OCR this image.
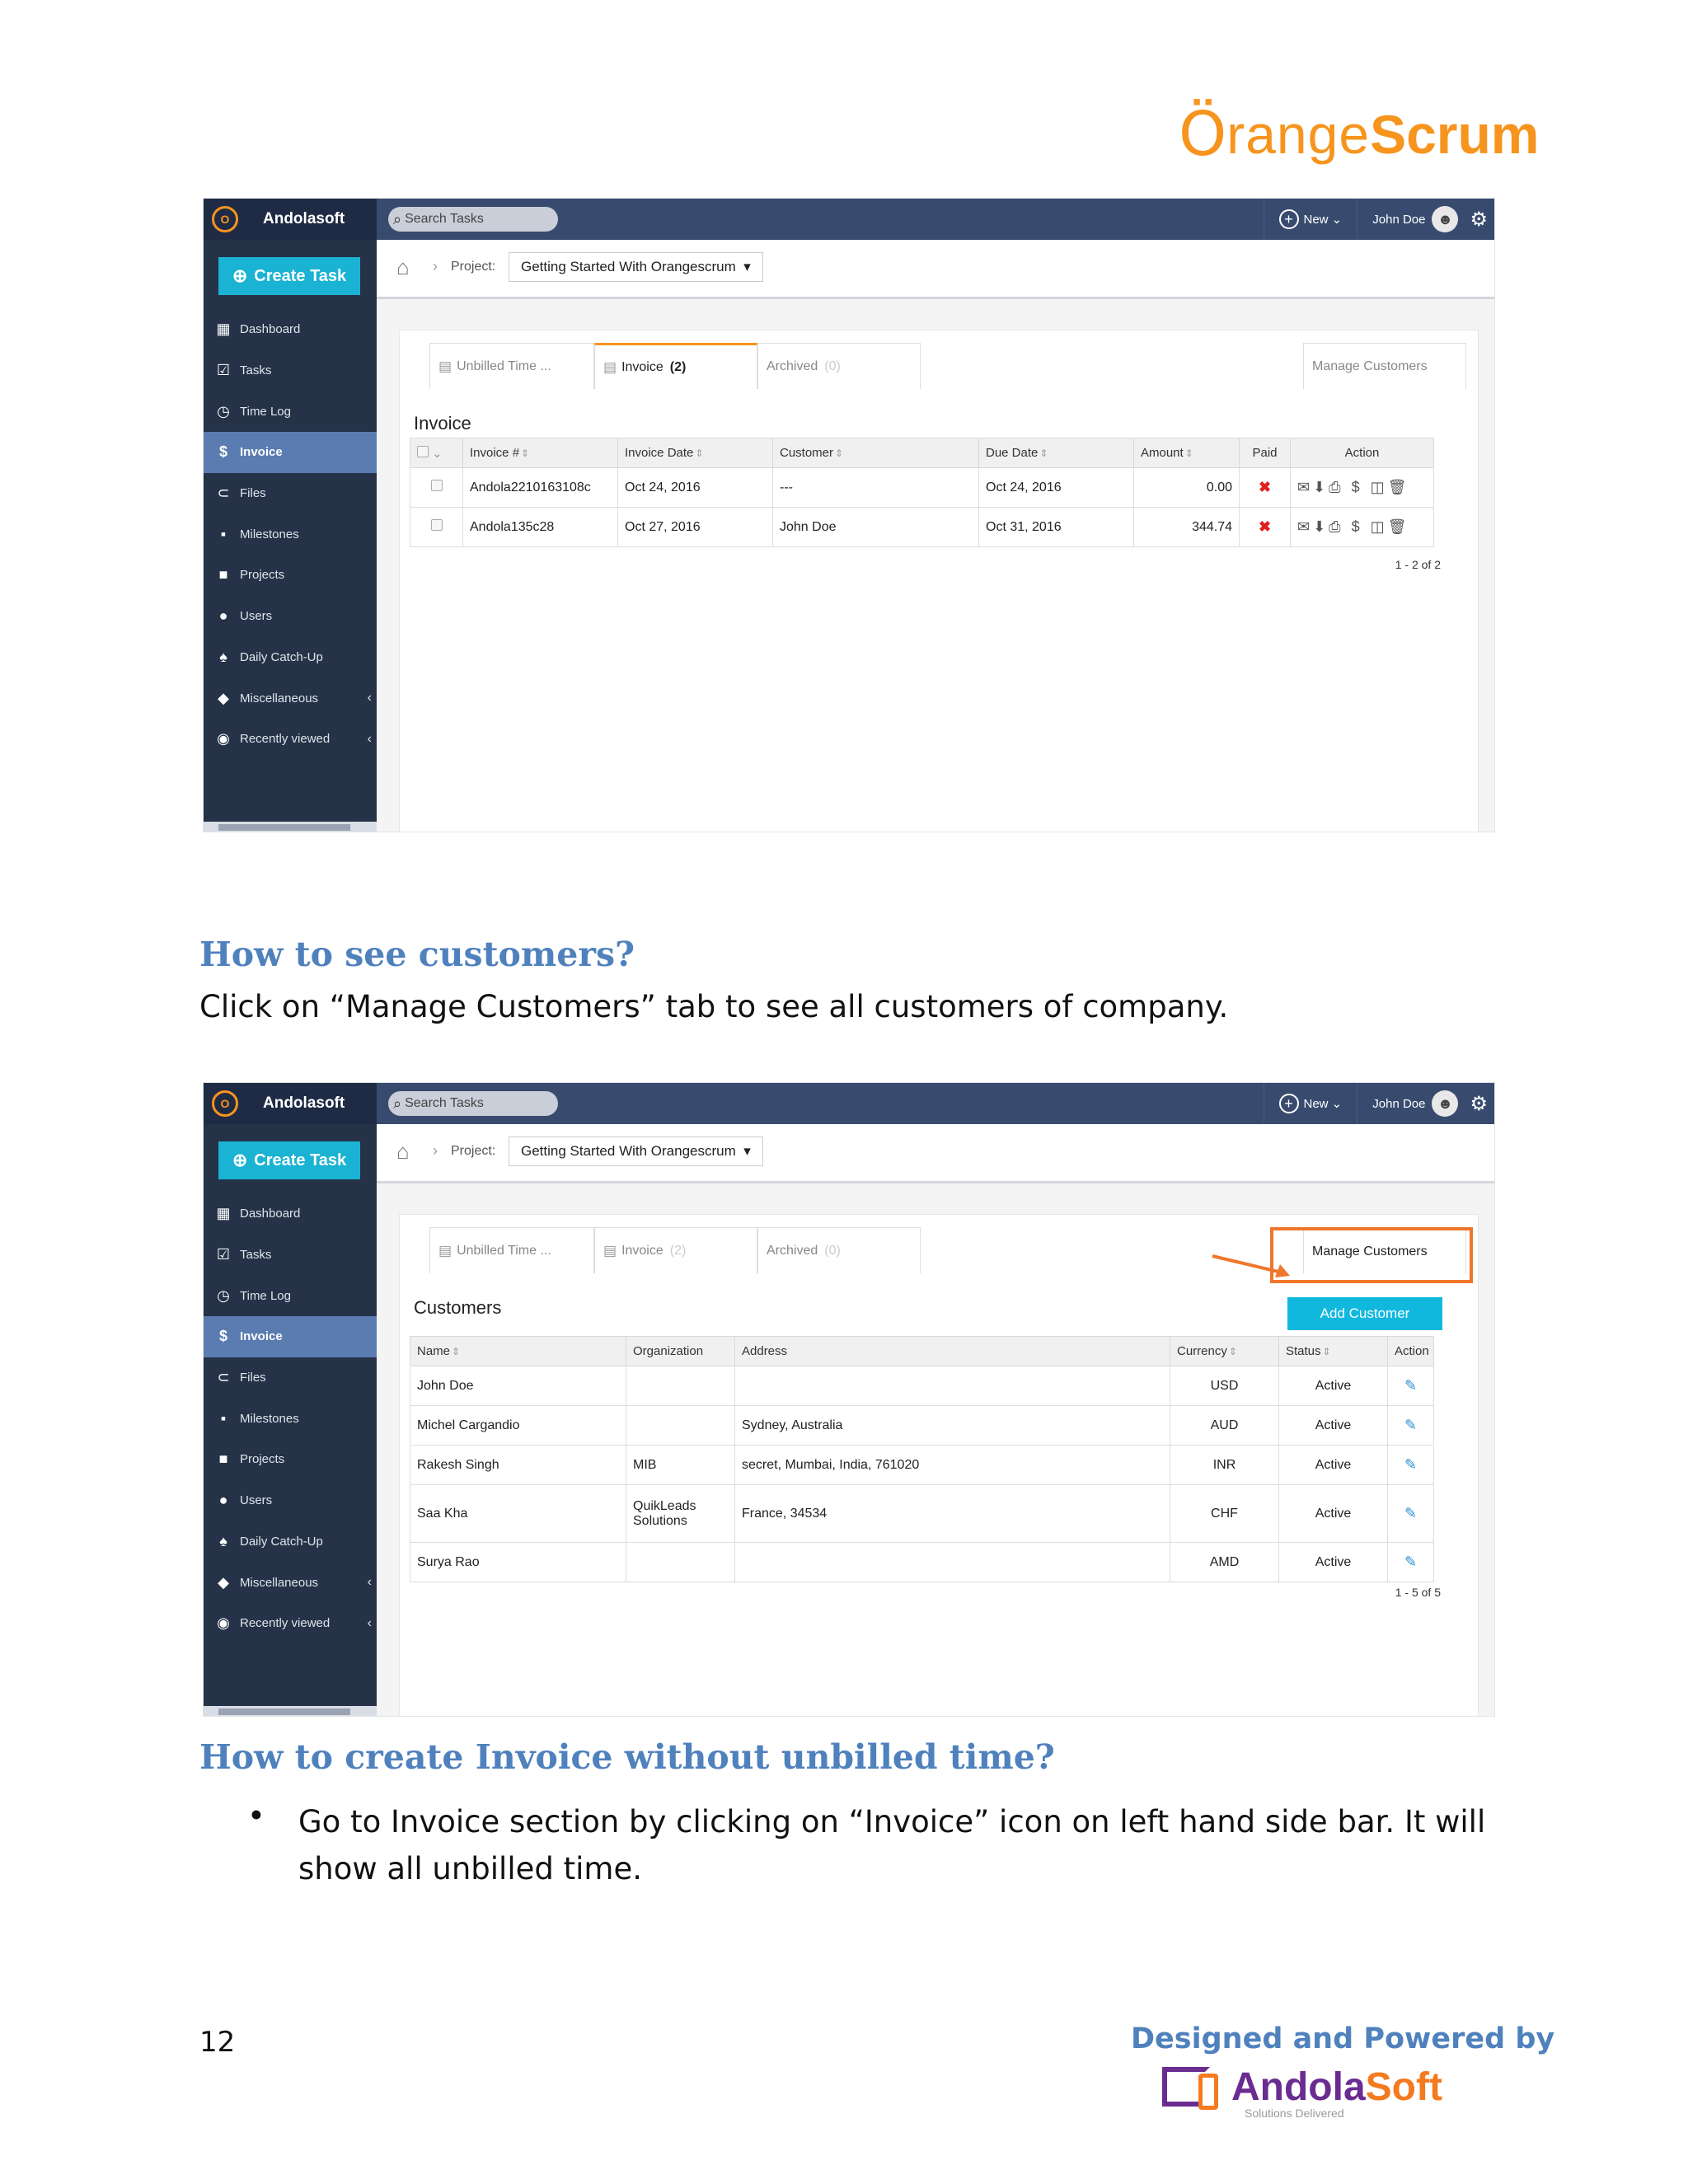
Ö range Scrum
O	Andolasoft	⌕ Search Tasks	+ New ⌄ John Doe ☻ ⚙
⊕ Create Task
▦ Dashboard
☑ Tasks
◷ Time Log
$	Invoice
⊂ Files
▪	Milestones
■ Projects
● Users
♠	Daily Catch-Up
◆ Miscellaneous	‹
◉ Recently viewed	‹
⌂ › Project: Getting Started With Orangescrum ▾
▤ Unbilled Time ...	▤ Invoice (2)	Archived (0)	Manage Customers
Invoice
⌄	Invoice # ⇕	Invoice Date ⇕	Customer ⇕	Due Date ⇕	Amount ⇕	Paid	Action
	Andola2210163108c	Oct 24, 2016	---	Oct 24, 2016	0.00	✖	✉⬇⎙ $ ◫🗑
	Andola135c28	Oct 27, 2016	John Doe	Oct 31, 2016	344.74	✖	✉⬇⎙ $ ◫🗑
1 - 2 of 2
How to see customers?
Click on “Manage Customers” tab to see all customers of company.
O	Andolasoft	⌕ Search Tasks	+ New ⌄ John Doe ☻ ⚙
⊕ Create Task
▦ Dashboard
☑ Tasks
◷ Time Log
$	Invoice
⊂ Files
▪	Milestones
■ Projects
● Users
♠	Daily Catch-Up
◆ Miscellaneous	‹
◉ Recently viewed	‹
⌂ › Project: Getting Started With Orangescrum ▾
▤ Unbilled Time ...	▤ Invoice (2)	Archived (0)	Manage Customers
Customers	Add Customer
Name ⇕	Organization	Address	Currency ⇕	Status ⇕	Action
John Doe			USD	Active	✎
Michel Cargandio		Sydney, Australia	AUD	Active	✎
Rakesh Singh	MIB	secret, Mumbai, India, 761020	INR	Active	✎
Saa Kha	QuikLeads Solutions	France, 34534	CHF	Active	✎
Surya Rao			AMD	Active	✎
1 - 5 of 5
How to create Invoice without unbilled time?
• Go to Invoice section by clicking on “Invoice” icon on left hand side bar. It will show all unbilled time.
12	Designed and Powered by
AndolaSoft
Solutions Delivered
